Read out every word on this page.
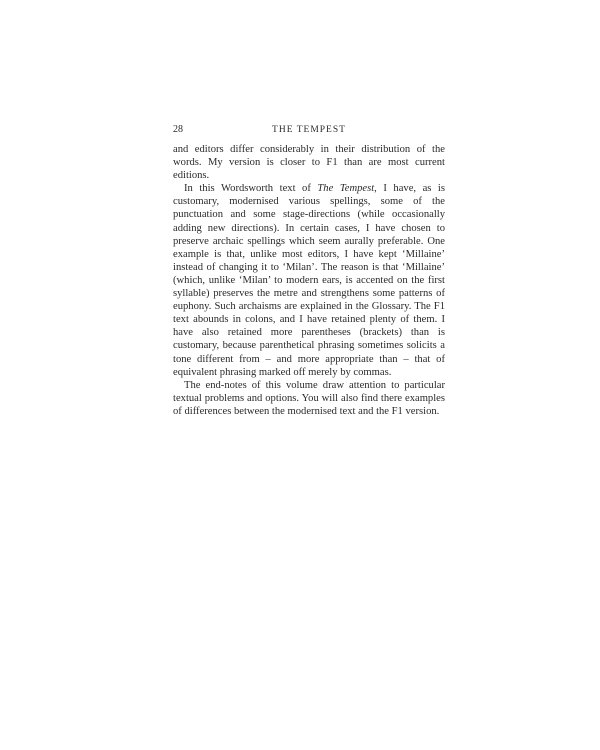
28	THE TEMPEST

and editors differ considerably in their distribution of the words. My version is closer to F1 than are most current editions.

In this Wordsworth text of The Tempest, I have, as is customary, modernised various spellings, some of the punctuation and some stage-directions (while occasionally adding new directions). In certain cases, I have chosen to preserve archaic spellings which seem aurally preferable. One example is that, unlike most editors, I have kept ‘Millaine’ instead of changing it to ‘Milan’. The reason is that ‘Millaine’ (which, unlike ‘Milan’ to modern ears, is accented on the first syllable) preserves the metre and strengthens some patterns of euphony. Such archaisms are explained in the Glossary. The F1 text abounds in colons, and I have retained plenty of them. I have also retained more parentheses (brackets) than is customary, because parenthetical phrasing sometimes solicits a tone different from – and more appropriate than – that of equivalent phrasing marked off merely by commas.

The end-notes of this volume draw attention to particular textual problems and options. You will also find there examples of differences between the modernised text and the F1 version.
